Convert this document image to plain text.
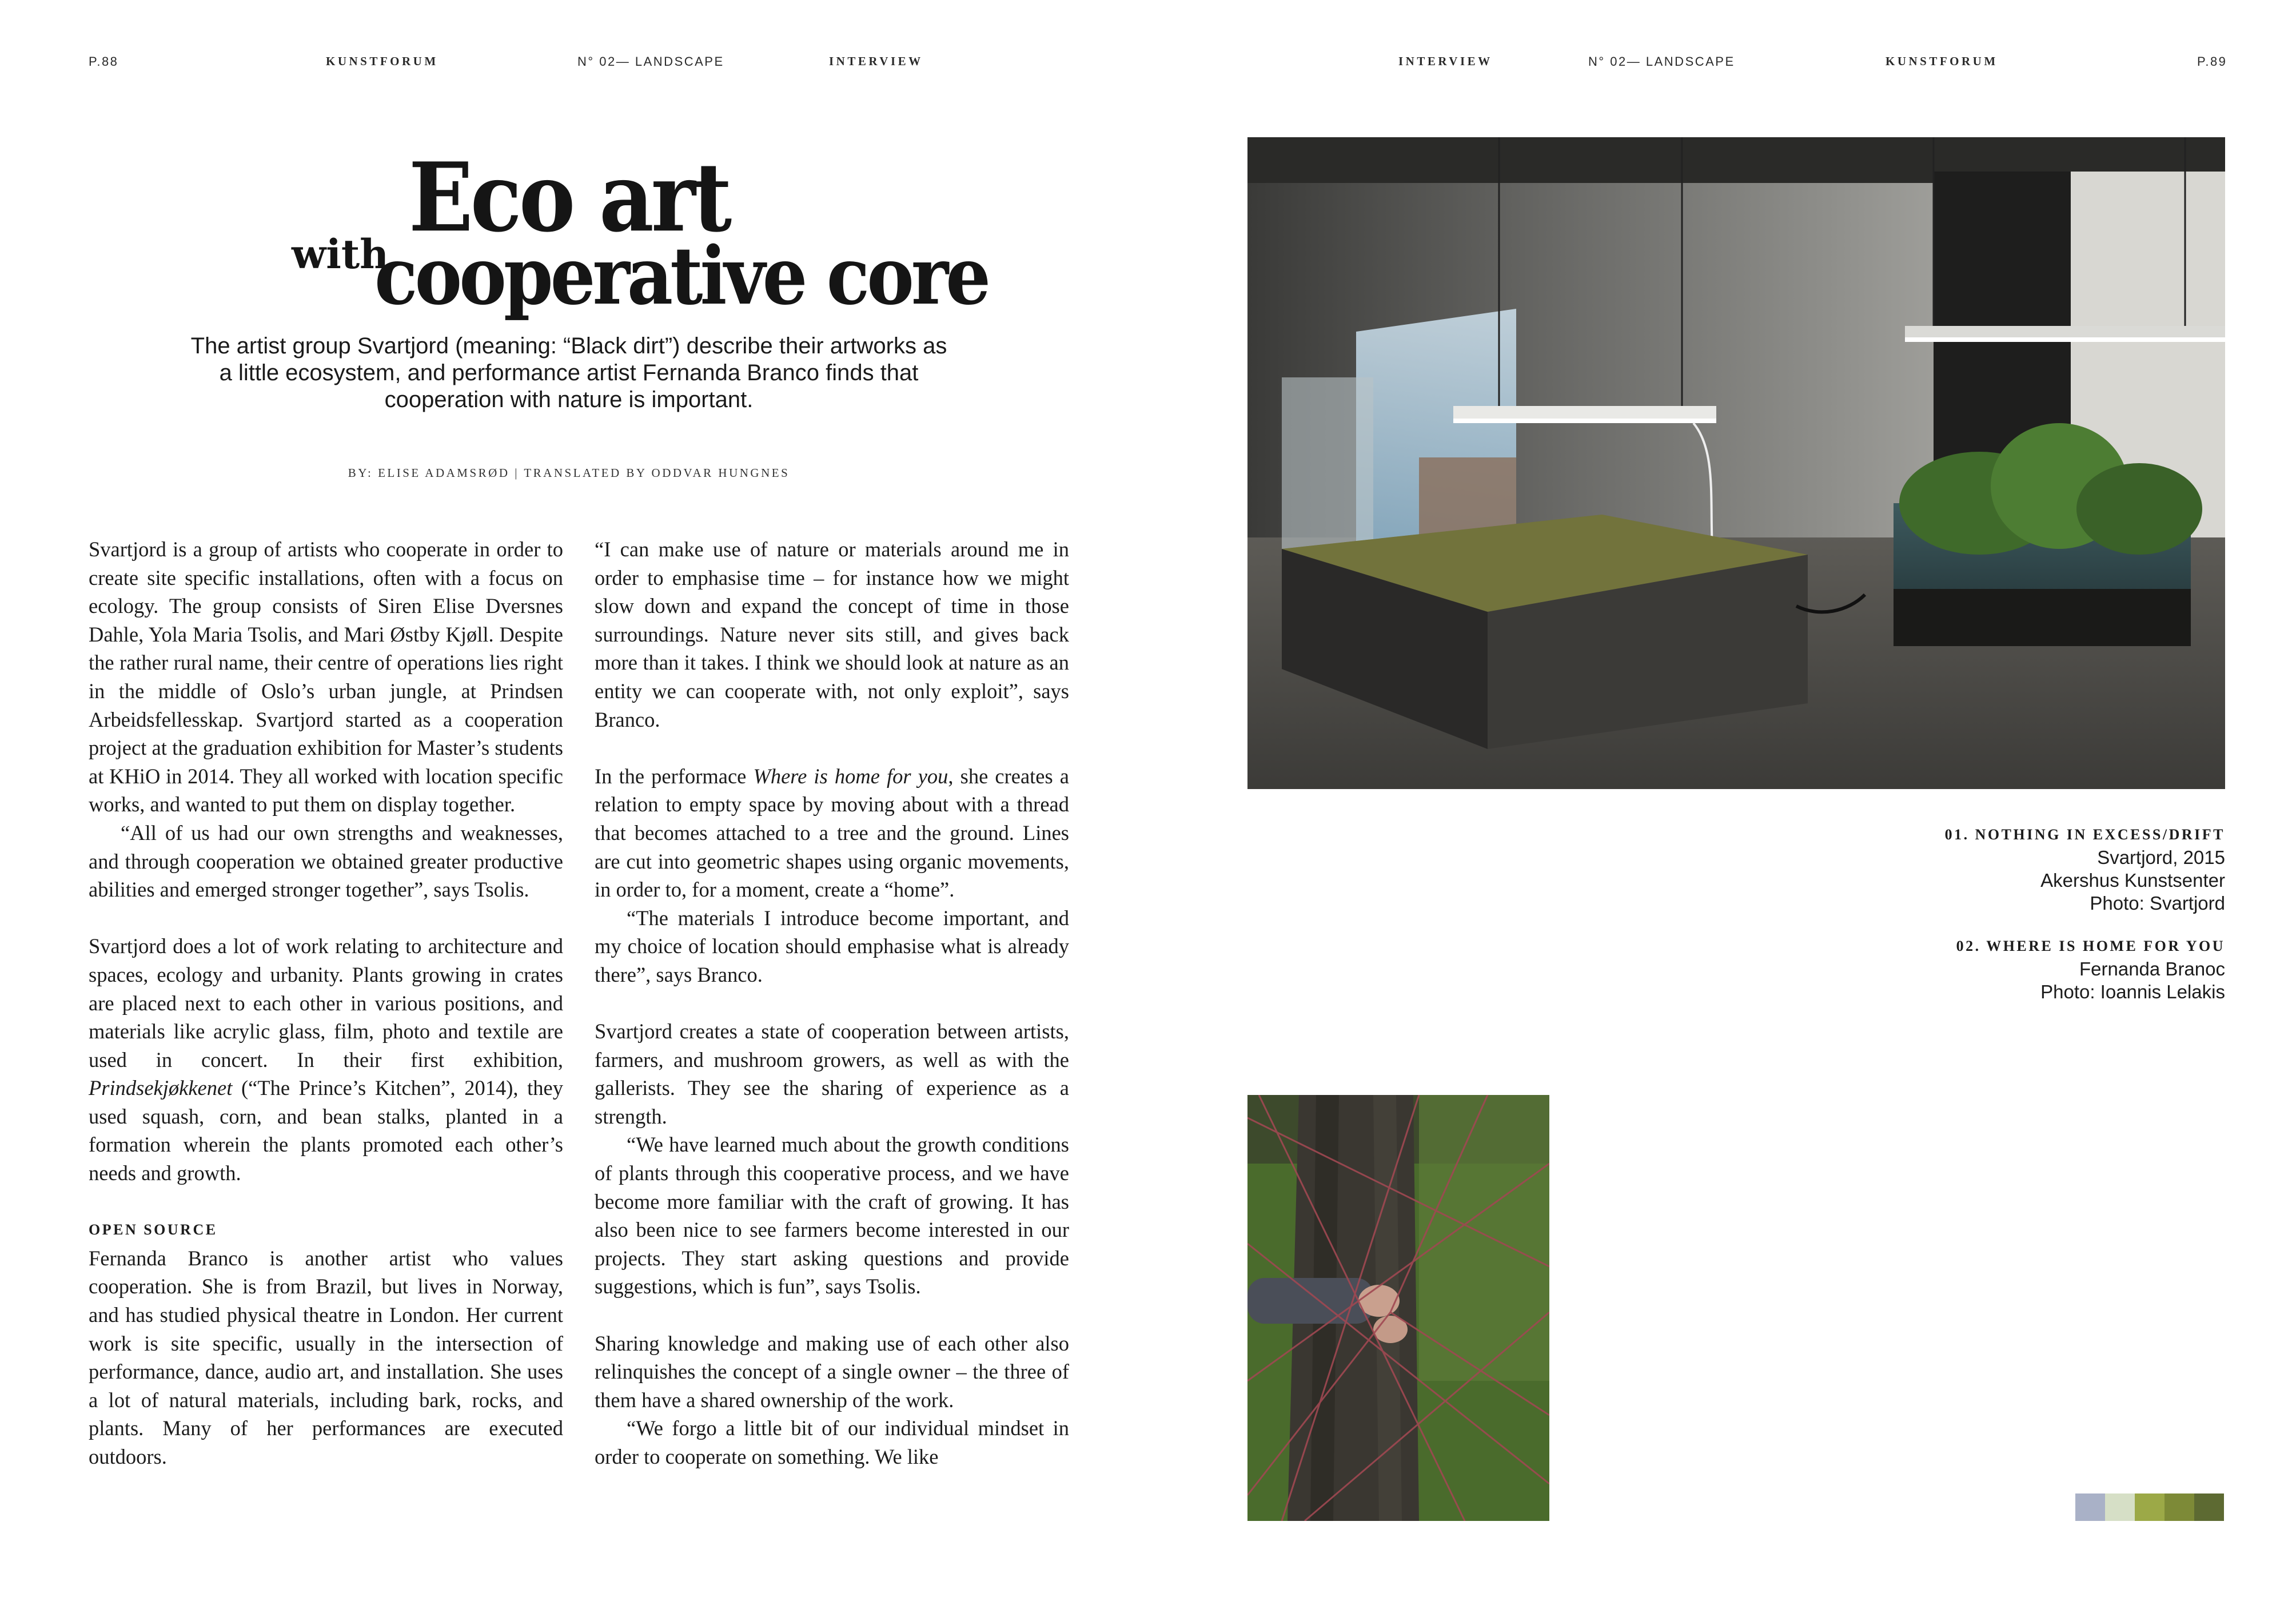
P.88	KUNSTFORUM	N° 02— LANDSCAPE	INTERVIEW
Eco art
with
cooperative core
The artist group Svartjord (meaning: “Black dirt”) describe their artworks as a little ecosystem, and performance artist Fernanda Branco finds that cooperation with nature is important.
BY: ELISE ADAMSRØD | TRANSLATED BY ODDVAR HUNGNES

Svartjord is a group of artists who cooperate in order to create site specific installations, often with a focus on ecology. The group consists of Siren Elise Dversnes Dahle, Yola Maria Tsolis, and Mari Østby Kjøll. Despite the rather rural name, their centre of operations lies right in the middle of Oslo’s urban jungle, at Prindsen Arbeidsfellesskap. Svartjord started as a cooperation project at the graduation exhibition for Master’s students at KHiO in 2014. They all worked with location specific works, and wanted to put them on display together.

“All of us had our own strengths and weaknesses, and through cooperation we obtained greater productive abilities and emerged stronger together”, says Tsolis.

Svartjord does a lot of work relating to architecture and spaces, ecology and urbanity. Plants growing in crates are placed next to each other in various positions, and materials like acrylic glass, film, photo and textile are used in concert. In their first exhibition, Prindsekjøkkenet (“The Prince’s Kitchen”, 2014), they used squash, corn, and bean stalks, planted in a formation wherein the plants promoted each other’s needs and growth.

OPEN SOURCE

Fernanda Branco is another artist who values cooperation. She is from Brazil, but lives in Norway, and has studied physical theatre in London. Her current work is site specific, usually in the intersection of performance, dance, audio art, and installation. She uses a lot of natural materials, including bark, rocks, and plants. Many of her performances are executed outdoors.

“I can make use of nature or materials around me in order to emphasise time – for instance how we might slow down and expand the concept of time in those surroundings. Nature never sits still, and gives back more than it takes. I think we should look at nature as an entity we can cooperate with, not only exploit”, says Branco.

In the performace Where is home for you, she creates a relation to empty space by moving about with a thread that becomes attached to a tree and the ground. Lines are cut into geometric shapes using organic movements, in order to, for a moment, create a “home”.

“The materials I introduce become important, and my choice of location should emphasise what is already there”, says Branco.

Svartjord creates a state of cooperation between artists, farmers, and mushroom growers, as well as with the gallerists. They see the sharing of experience as a strength.

“We have learned much about the growth conditions of plants through this cooperative process, and we have become more familiar with the craft of growing. It has also been nice to see farmers become interested in our projects. They start asking questions and provide suggestions, which is fun”, says Tsolis.

Sharing knowledge and making use of each other also relinquishes the concept of a single owner – the three of them have a shared ownership of the work.

“We forgo a little bit of our individual mindset in order to cooperate on something. We like

INTERVIEW	N° 02— LANDSCAPE	KUNSTFORUM	P.89
01. NOTHING IN EXCESS/DRIFT
Svartjord, 2015
Akershus Kunstsenter
Photo: Svartjord
02. WHERE IS HOME FOR YOU
Fernanda Branoc
Photo: Ioannis Lelakis
